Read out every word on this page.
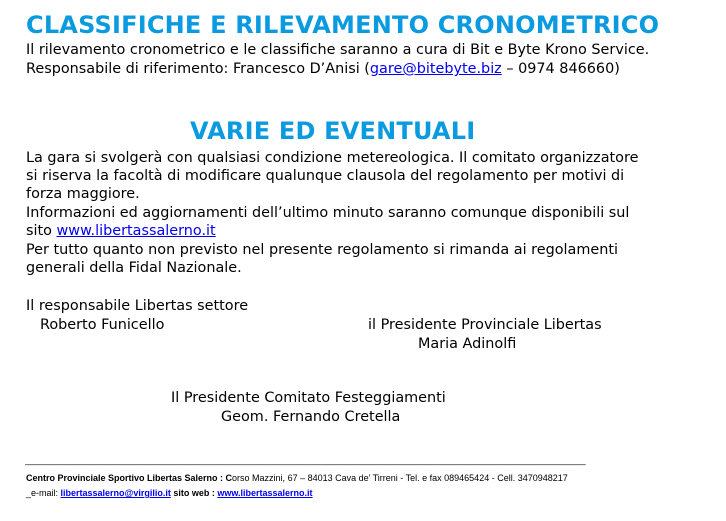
CLASSIFICHE E RILEVAMENTO CRONOMETRICO
Il rilevamento cronometrico e le classifiche saranno a cura di Bit e Byte Krono Service.
Responsabile di riferimento: Francesco D’Anisi (gare@bitebyte.biz – 0974 846660)
VARIE ED EVENTUALI
La gara si svolgerà con qualsiasi condizione metereologica. Il comitato organizzatore
si riserva la facoltà di modificare qualunque clausola del regolamento per motivi di
forza maggiore.
Informazioni ed aggiornamenti dell’ultimo minuto saranno comunque disponibili sul
sito www.libertassalerno.it
Per tutto quanto non previsto nel presente regolamento si rimanda ai regolamenti
generali della Fidal Nazionale.
Il responsabile Libertas settore
Roberto Funicello	il Presidente Provinciale Libertas
Maria Adinolfi
Il Presidente Comitato Festeggiamenti
Geom. Fernando Cretella
________________________________________________________________________________________________________________
Centro Provinciale Sportivo Libertas Salerno : Corso Mazzini, 67 – 84013 Cava de’ Tirreni - Tel. e fax 089465424 - Cell. 3470948217
_e-mail: libertassalerno@virgilio.it sito web : www.libertassalerno.it
